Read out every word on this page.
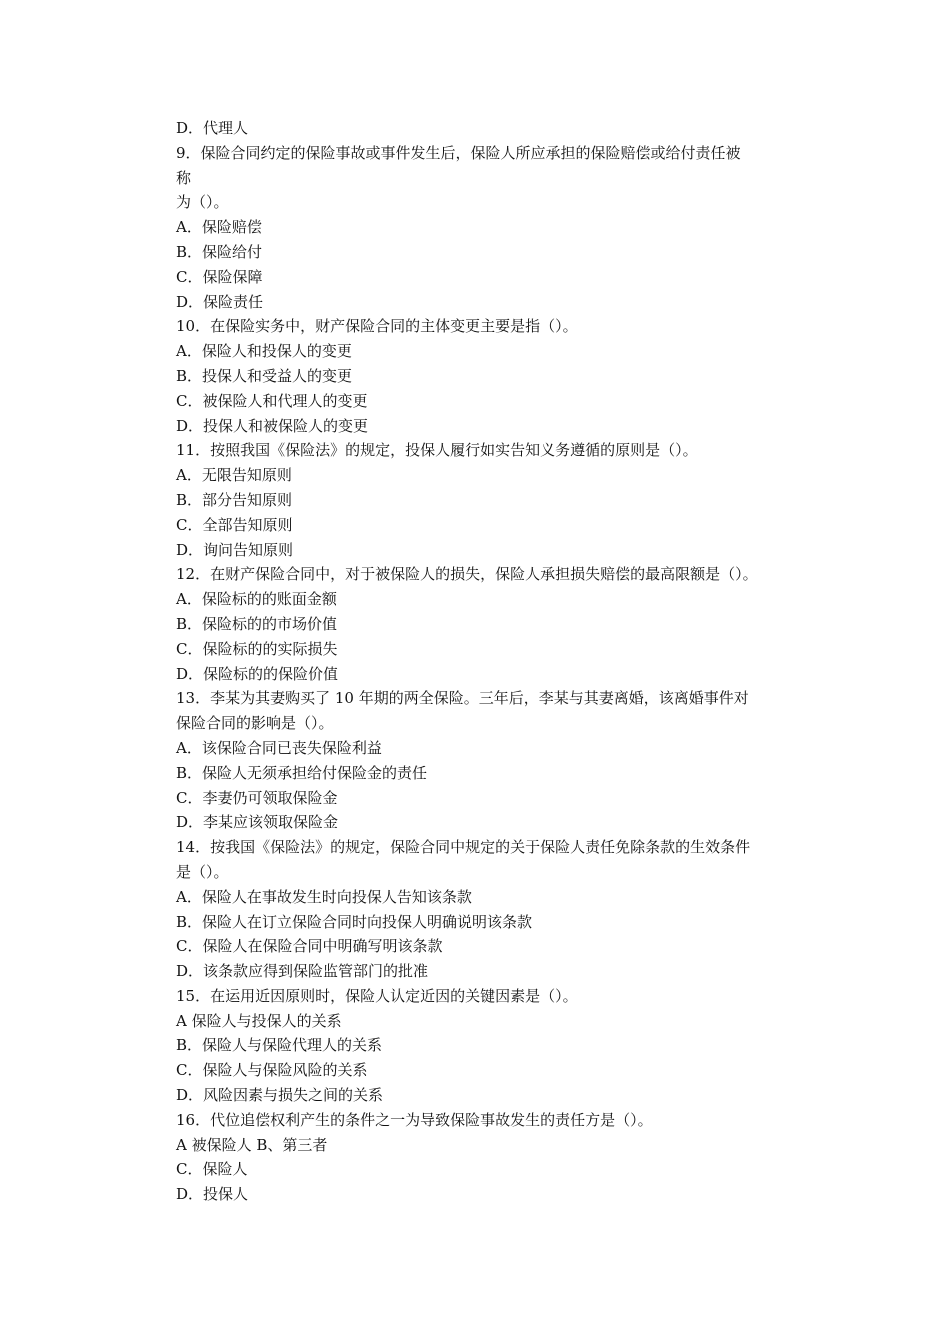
D．代理人
9．保险合同约定的保险事故或事件发生后，保险人所应承担的保险赔偿或给付责任被
称
为（）。
A．保险赔偿
B．保险给付
C．保险保障
D．保险责任
10．在保险实务中，财产保险合同的主体变更主要是指（）。
A．保险人和投保人的变更
B．投保人和受益人的变更
C．被保险人和代理人的变更
D．投保人和被保险人的变更
11．按照我国《保险法》的规定，投保人履行如实告知义务遵循的原则是（）。
A．无限告知原则
B．部分告知原则
C．全部告知原则
D．询问告知原则
12．在财产保险合同中，对于被保险人的损失，保险人承担损失赔偿的最高限额是（）。
A．保险标的的账面金额
B．保险标的的市场价值
C．保险标的的实际损失
D．保险标的的保险价值
13．李某为其妻购买了 10 年期的两全保险。三年后，李某与其妻离婚，该离婚事件对
保险合同的影响是（）。
A．该保险合同已丧失保险利益
B．保险人无须承担给付保险金的责任
C．李妻仍可领取保险金
D．李某应该领取保险金
14．按我国《保险法》的规定，保险合同中规定的关于保险人责任免除条款的生效条件
是（）。
A．保险人在事故发生时向投保人告知该条款
B．保险人在订立保险合同时向投保人明确说明该条款
C．保险人在保险合同中明确写明该条款
D．该条款应得到保险监管部门的批准
15．在运用近因原则时，保险人认定近因的关键因素是（）。
A 保险人与投保人的关系
B．保险人与保险代理人的关系
C．保险人与保险风险的关系
D．风险因素与损失之间的关系
16．代位追偿权利产生的条件之一为导致保险事故发生的责任方是（）。
A 被保险人 B、第三者
C．保险人
D．投保人
